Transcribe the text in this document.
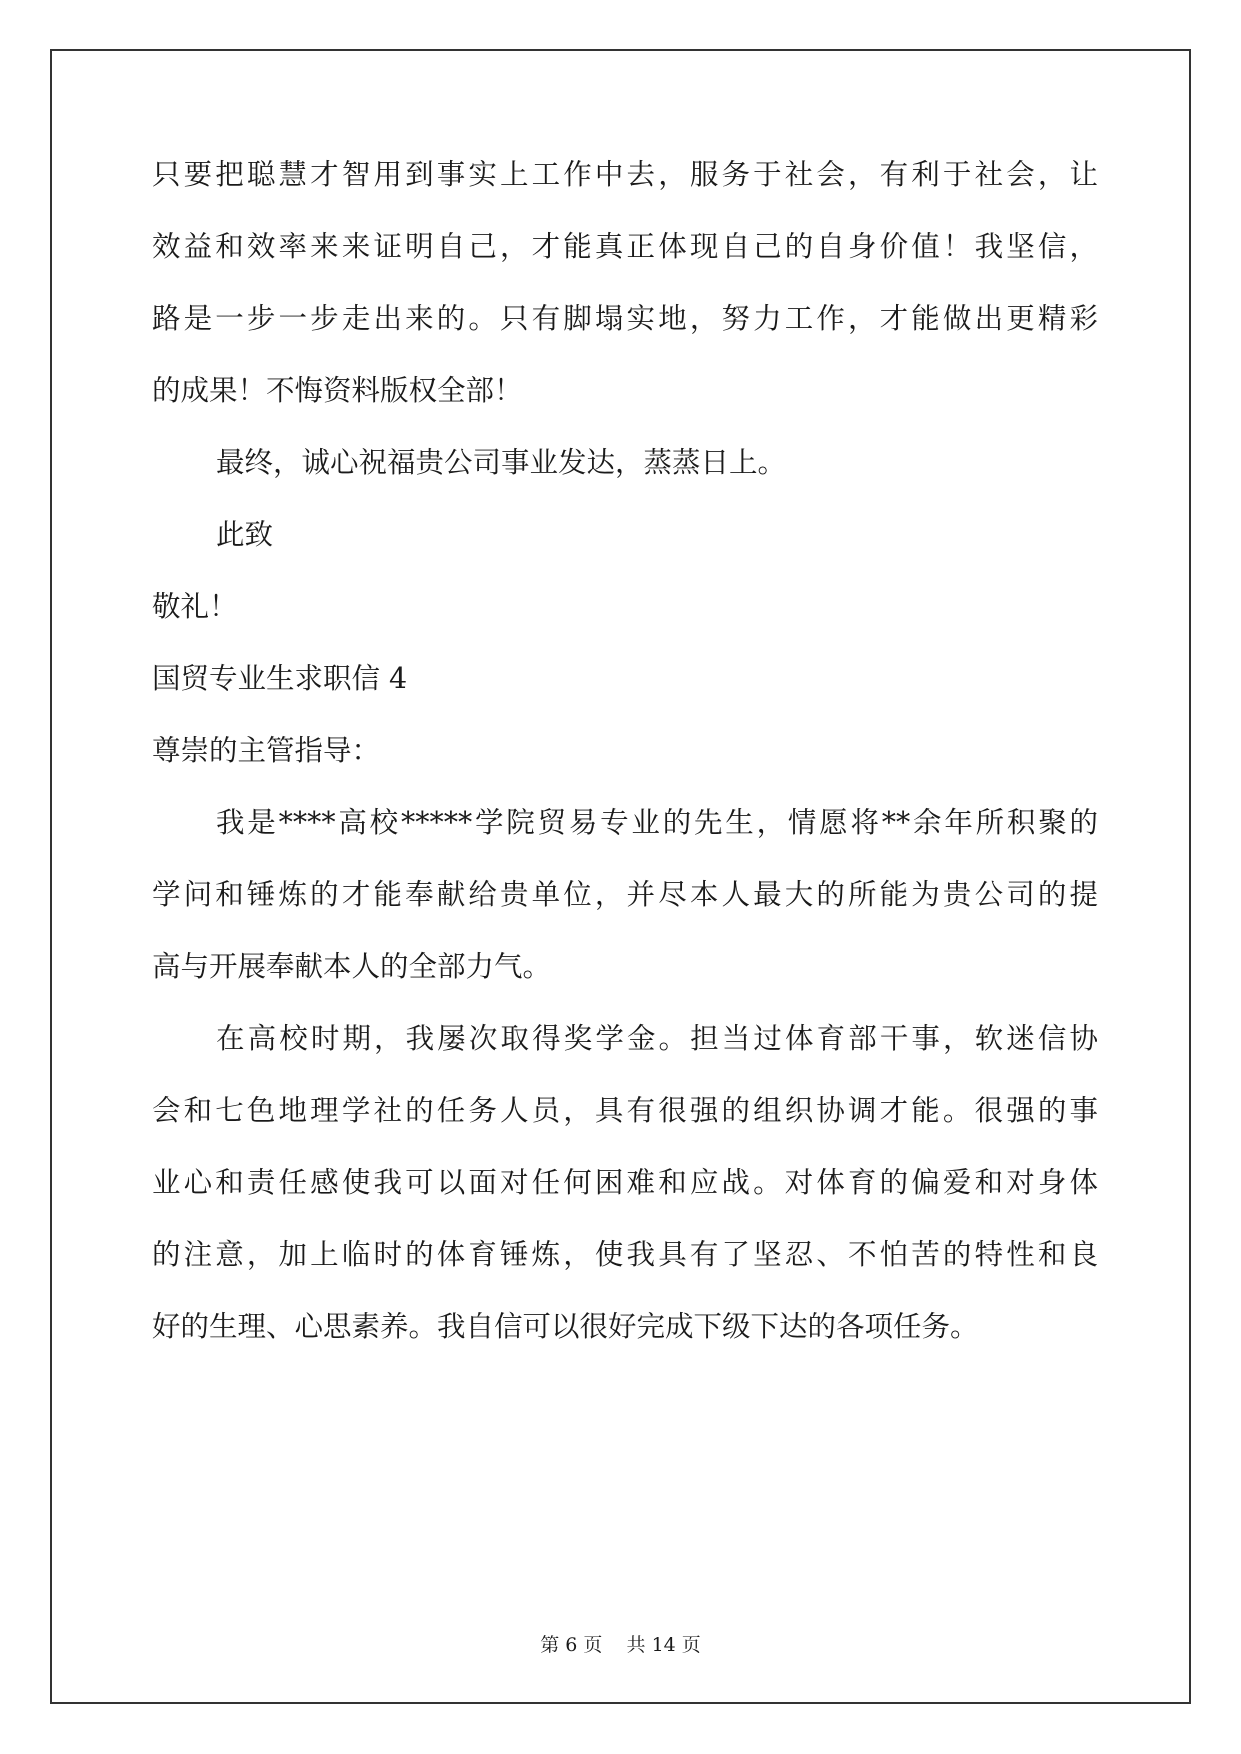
只要把聪慧才智用到事实上工作中去，服务于社会，有利于社会，让
效益和效率来来证明自己，才能真正体现自己的自身价值！我坚信，
路是一步一步走出来的。只有脚塌实地，努力工作，才能做出更精彩
的成果！不悔资料版权全部！
最终，诚心祝福贵公司事业发达，蒸蒸日上。
此致
敬礼！
国贸专业生求职信 4
尊崇的主管指导：
我是****高校*****学院贸易专业的先生，情愿将**余年所积聚的
学问和锤炼的才能奉献给贵单位，并尽本人最大的所能为贵公司的提
高与开展奉献本人的全部力气。
在高校时期，我屡次取得奖学金。担当过体育部干事，软迷信协
会和七色地理学社的任务人员，具有很强的组织协调才能。很强的事
业心和责任感使我可以面对任何困难和应战。对体育的偏爱和对身体
的注意，加上临时的体育锤炼，使我具有了坚忍、不怕苦的特性和良
好的生理、心思素养。我自信可以很好完成下级下达的各项任务。
第 6 页    共 14 页
